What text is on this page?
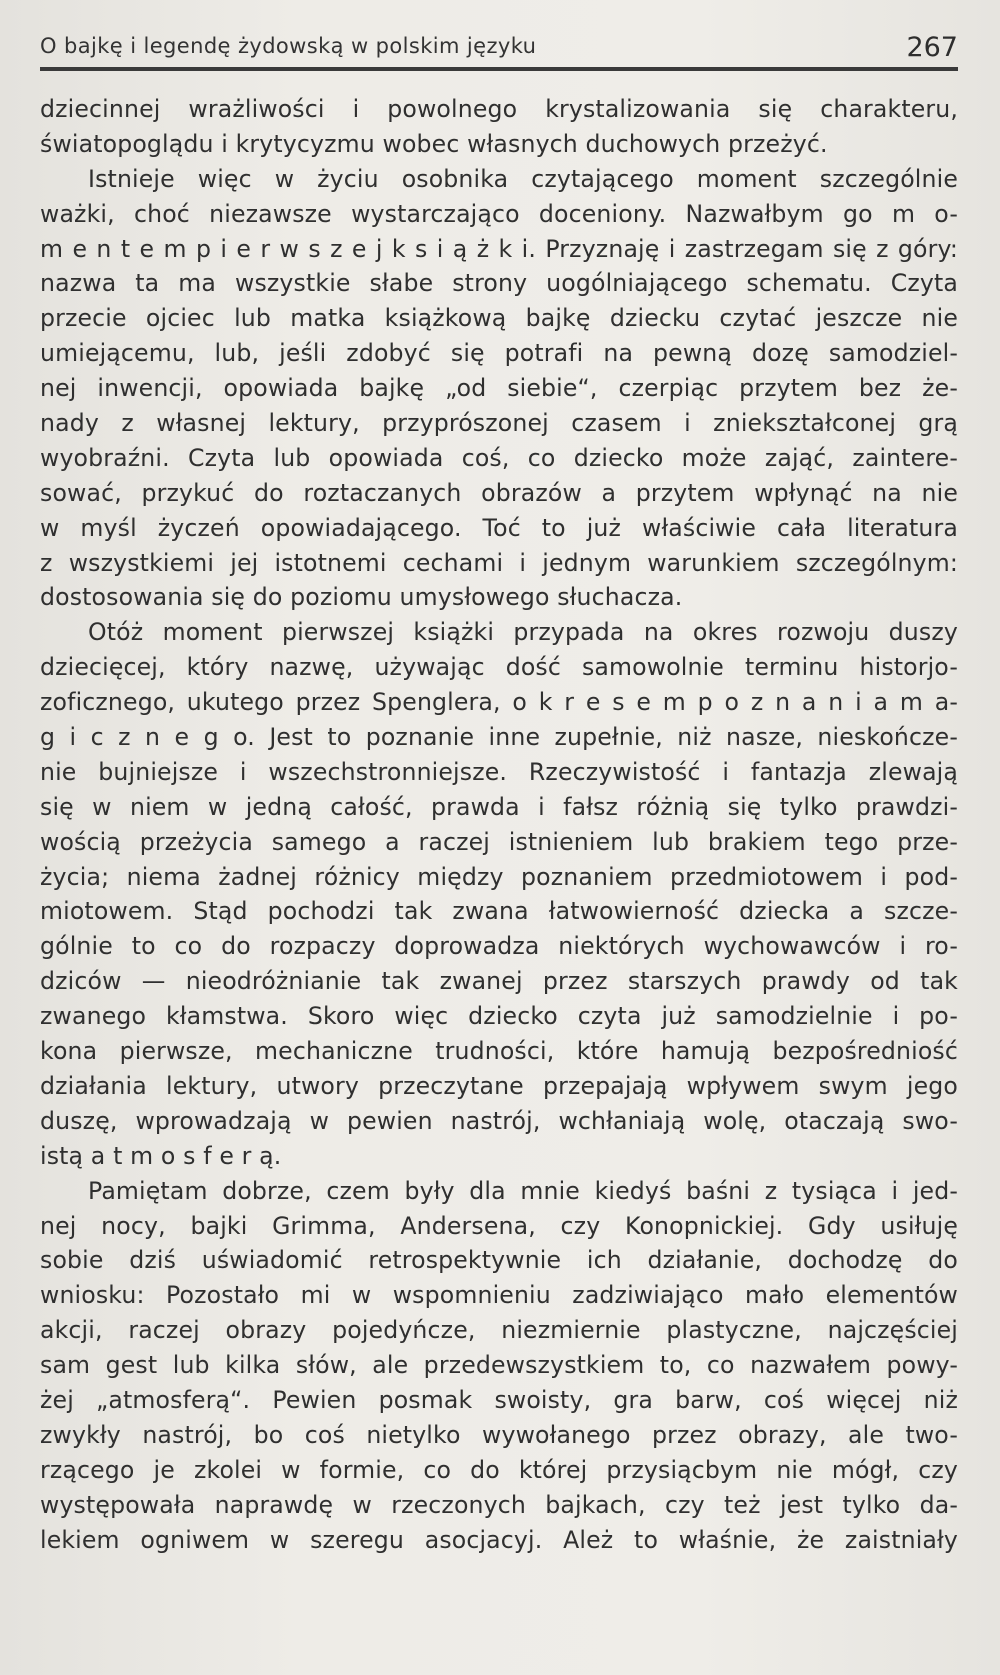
O bajkę i legendę żydowską w polskim języku	267
dziecinnej wrażliwości i powolnego krystalizowania się charakteru,
światopoglądu i krytycyzmu wobec własnych duchowych przeżyć.
Istnieje więc w życiu osobnika czytającego moment szczególnie
ważki, choć niezawsze wystarczająco doceniony. Nazwałbym go m o-
m e n t e m p i e r w s z e j k s i ą ż k i. Przyznaję i zastrzegam się z góry:
nazwa ta ma wszystkie słabe strony uogólniającego schematu. Czyta
przecie ojciec lub matka książkową bajkę dziecku czytać jeszcze nie
umiejącemu, lub, jeśli zdobyć się potrafi na pewną dozę samodziel-
nej inwencji, opowiada bajkę „od siebie“, czerpiąc przytem bez że-
nady z własnej lektury, przyprószonej czasem i zniekształconej grą
wyobraźni. Czyta lub opowiada coś, co dziecko może zająć, zaintere-
sować, przykuć do roztaczanych obrazów a przytem wpłynąć na nie
w myśl życzeń opowiadającego. Toć to już właściwie cała literatura
z wszystkiemi jej istotnemi cechami i jednym warunkiem szczególnym:
dostosowania się do poziomu umysłowego słuchacza.
Otóż moment pierwszej książki przypada na okres rozwoju duszy
dziecięcej, który nazwę, używając dość samowolnie terminu historjo-
zoficznego, ukutego przez Spenglera, o k r e s e m p o z n a n i a m a-
g i c z n e g o. Jest to poznanie inne zupełnie, niż nasze, nieskończe-
nie bujniejsze i wszechstronniejsze. Rzeczywistość i fantazja zlewają
się w niem w jedną całość, prawda i fałsz różnią się tylko prawdzi-
wością przeżycia samego a raczej istnieniem lub brakiem tego prze-
życia; niema żadnej różnicy między poznaniem przedmiotowem i pod-
miotowem. Stąd pochodzi tak zwana łatwowierność dziecka a szcze-
gólnie to co do rozpaczy doprowadza niektórych wychowawców i ro-
dziców — nieodróżnianie tak zwanej przez starszych prawdy od tak
zwanego kłamstwa. Skoro więc dziecko czyta już samodzielnie i po-
kona pierwsze, mechaniczne trudności, które hamują bezpośredniość
działania lektury, utwory przeczytane przepajają wpływem swym jego
duszę, wprowadzają w pewien nastrój, wchłaniają wolę, otaczają swo-
istą a t m o s f e r ą.
Pamiętam dobrze, czem były dla mnie kiedyś baśni z tysiąca i jed-
nej nocy, bajki Grimma, Andersena, czy Konopnickiej. Gdy usiłuję
sobie dziś uświadomić retrospektywnie ich działanie, dochodzę do
wniosku: Pozostało mi w wspomnieniu zadziwiająco mało elementów
akcji, raczej obrazy pojedyńcze, niezmiernie plastyczne, najczęściej
sam gest lub kilka słów, ale przedewszystkiem to, co nazwałem powy-
żej „atmosferą“. Pewien posmak swoisty, gra barw, coś więcej niż
zwykły nastrój, bo coś nietylko wywołanego przez obrazy, ale two-
rzącego je zkolei w formie, co do której przysiącbym nie mógł, czy
występowała naprawdę w rzeczonych bajkach, czy też jest tylko da-
lekiem ogniwem w szeregu asocjacyj. Ależ to właśnie, że zaistniały
